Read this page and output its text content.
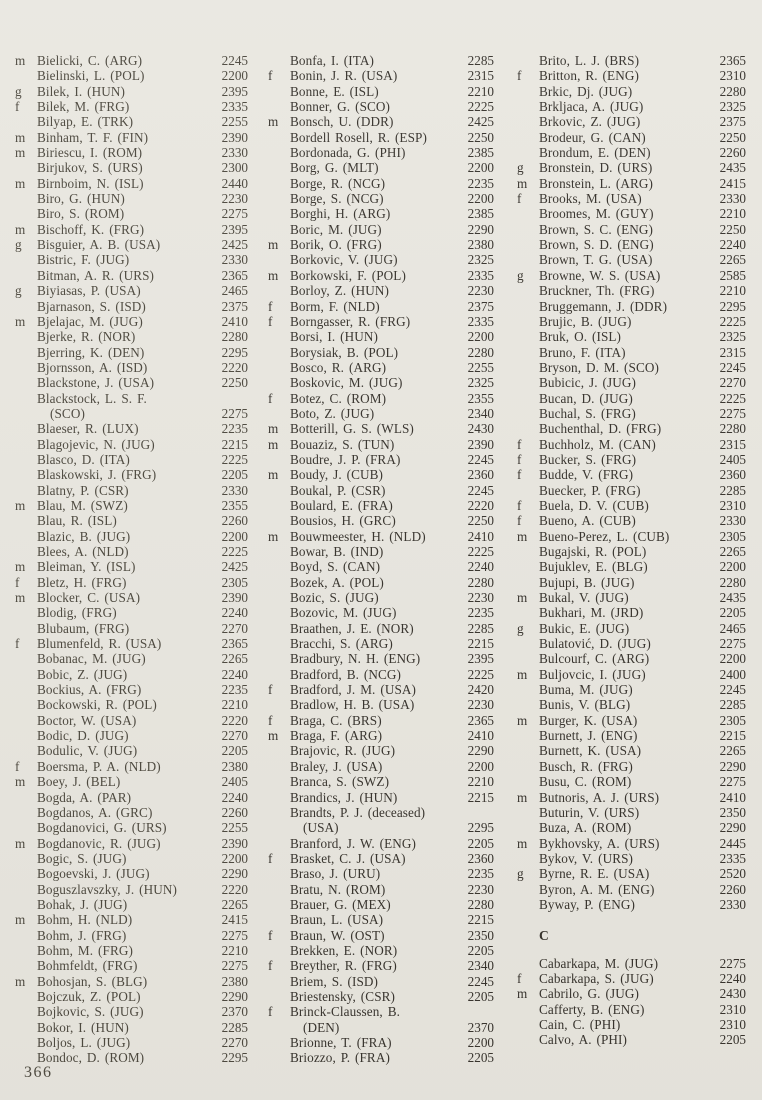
m Bielicki, C. (ARG)	2245
Bielinski, L. (POL)	2200
g	Bilek, I. (HUN)	2395
f	Bilek, M. (FRG)	2335
Bilyap, E. (TRK)	2255
m Binham, T. F. (FIN)	2390
m Biriescu, I. (ROM)	2330
Birjukov, S. (URS)	2300
m Birnboim, N. (ISL)	2440
Biro, G. (HUN)	2230
Biro, S. (ROM)	2275
m Bischoff, K. (FRG)	2395
g	Bisguier, A. B. (USA)	2425
Bistric, F. (JUG)	2330
Bitman, A. R. (URS)	2365
g	Biyiasas, P. (USA)	2465
Bjarnason, S. (ISD)	2375
m Bjelajac, M. (JUG)	2410
Bjerke, R. (NOR)	2280
Bjerring, K. (DEN)	2295
Bjornsson, A. (ISD)	2220
Blackstone, J. (USA)	2250
Blackstock, L. S. F.
(SCO)	2275
Blaeser, R. (LUX)	2235
Blagojevic, N. (JUG)	2215
Blasco, D. (ITA)	2225
Blaskowski, J. (FRG)	2205
Blatny, P. (CSR)	2330
m Blau, M. (SWZ)	2355
Blau, R. (ISL)	2260
Blazic, B. (JUG)	2200
Blees, A. (NLD)	2225
m Bleiman, Y. (ISL)	2425
f	Bletz, H. (FRG)	2305
m Blocker, C. (USA)	2390
Blodig, (FRG)	2240
Blubaum, (FRG)	2270
f	Blumenfeld, R. (USA)	2365
Bobanac, M. (JUG)	2265
Bobic, Z. (JUG)	2240
Bockius, A. (FRG)	2235
Bockowski, R. (POL)	2210
Boctor, W. (USA)	2220
Bodic, D. (JUG)	2270
Bodulic, V. (JUG)	2205
f	Boersma, P. A. (NLD)	2380
m Boey, J. (BEL)	2405
Bogda, A. (PAR)	2240
Bogdanos, A. (GRC)	2260
Bogdanovici, G. (URS)	2255
m Bogdanovic, R. (JUG)	2390
Bogic, S. (JUG)	2200
Bogoevski, J. (JUG)	2290
Boguszlavszky, J. (HUN)	2220
Bohak, J. (JUG)	2265
m Bohm, H. (NLD)	2415
Bohm, J. (FRG)	2275
Bohm, M. (FRG)	2210
Bohmfeldt, (FRG)	2275
m Bohosjan, S. (BLG)	2380
Bojczuk, Z. (POL)	2290
Bojkovic, S. (JUG)	2370
Bokor, I. (HUN)	2285
Boljos, L. (JUG)	2270
Bondoc, D. (ROM)	2295
Bonfa, I. (ITA)	2285
f	Bonin, J. R. (USA)	2315
Bonne, E. (ISL)	2210
Bonner, G. (SCO)	2225
m Bonsch, U. (DDR)	2425
Bordell Rosell, R. (ESP)	2250
Bordonada, G. (PHI)	2385
Borg, G. (MLT)	2200
Borge, R. (NCG)	2235
Borge, S. (NCG)	2200
Borghi, H. (ARG)	2385
Boric, M. (JUG)	2290
m Borik, O. (FRG)	2380
Borkovic, V. (JUG)	2325
m Borkowski, F. (POL)	2335
Borloy, Z. (HUN)	2230
f	Borm, F. (NLD)	2375
f	Borngasser, R. (FRG)	2335
Borsi, I. (HUN)	2200
Borysiak, B. (POL)	2280
Bosco, R. (ARG)	2255
Boskovic, M. (JUG)	2325
f	Botez, C. (ROM)	2355
Boto, Z. (JUG)	2340
m Botterill, G. S. (WLS)	2430
m Bouaziz, S. (TUN)	2390
Boudre, J. P. (FRA)	2245
m Boudy, J. (CUB)	2360
Boukal, P. (CSR)	2245
Boulard, E. (FRA)	2220
Bousios, H. (GRC)	2250
m Bouwmeester, H. (NLD)	2410
Bowar, B. (IND)	2225
Boyd, S. (CAN)	2240
Bozek, A. (POL)	2280
Bozic, S. (JUG)	2230
Bozovic, M. (JUG)	2235
Braathen, J. E. (NOR)	2285
Bracchi, S. (ARG)	2215
Bradbury, N. H. (ENG)	2395
Bradford, B. (NCG)	2225
f	Bradford, J. M. (USA)	2420
Bradlow, H. B. (USA)	2230
f	Braga, C. (BRS)	2365
m Braga, F. (ARG)	2410
Brajovic, R. (JUG)	2290
Braley, J. (USA)	2200
Branca, S. (SWZ)	2210
Brandics, J. (HUN)	2215
Brandts, P. J. (deceased)
(USA)	2295
Branford, J. W. (ENG)	2205
f	Brasket, C. J. (USA)	2360
Braso, J. (URU)	2235
Bratu, N. (ROM)	2230
Brauer, G. (MEX)	2280
Braun, L. (USA)	2215
f	Braun, W. (OST)	2350
Brekken, E. (NOR)	2205
f	Breyther, R. (FRG)	2340
Briem, S. (ISD)	2245
Briestensky, (CSR)	2205
f	Brinck-Claussen, B.
(DEN)	2370
Brionne, T. (FRA)	2200
Briozzo, P. (FRA)	2205
Brito, L. J. (BRS)	2365
f	Britton, R. (ENG)	2310
Brkic, Dj. (JUG)	2280
Brkljaca, A. (JUG)	2325
Brkovic, Z. (JUG)	2375
Brodeur, G. (CAN)	2250
Brondum, E. (DEN)	2260
g	Bronstein, D. (URS)	2435
m Bronstein, L. (ARG)	2415
f	Brooks, M. (USA)	2330
Broomes, M. (GUY)	2210
Brown, S. C. (ENG)	2250
Brown, S. D. (ENG)	2240
Brown, T. G. (USA)	2265
g	Browne, W. S. (USA)	2585
Bruckner, Th. (FRG)	2210
Bruggemann, J. (DDR)	2295
Brujic, B. (JUG)	2225
Bruk, O. (ISL)	2325
Bruno, F. (ITA)	2315
Bryson, D. M. (SCO)	2245
Bubicic, J. (JUG)	2270
Bucan, D. (JUG)	2225
Buchal, S. (FRG)	2275
Buchenthal, D. (FRG)	2280
f	Buchholz, M. (CAN)	2315
f	Bucker, S. (FRG)	2405
f	Budde, V. (FRG)	2360
Buecker, P. (FRG)	2285
f	Buela, D. V. (CUB)	2310
f	Bueno, A. (CUB)	2330
m Bueno-Perez, L. (CUB)	2305
Bugajski, R. (POL)	2265
Bujuklev, E. (BLG)	2200
Bujupi, B. (JUG)	2280
m Bukal, V. (JUG)	2435
Bukhari, M. (JRD)	2205
g	Bukic, E. (JUG)	2465
Bulatović, D. (JUG)	2275
Bulcourf, C. (ARG)	2200
m Buljovcic, I. (JUG)	2400
Buma, M. (JUG)	2245
Bunis, V. (BLG)	2285
m Burger, K. (USA)	2305
Burnett, J. (ENG)	2215
Burnett, K. (USA)	2265
Busch, R. (FRG)	2290
Busu, C. (ROM)	2275
m Butnoris, A. J. (URS)	2410
Buturin, V. (URS)	2350
Buza, A. (ROM)	2290
m Bykhovsky, A. (URS)	2445
Bykov, V. (URS)	2335
g	Byrne, R. E. (USA)	2520
Byron, A. M. (ENG)	2260
Byway, P. (ENG)	2330
C
Cabarkapa, M. (JUG)	2275
f	Cabarkapa, S. (JUG)	2240
m Cabrilo, G. (JUG)	2430
Cafferty, B. (ENG)	2310
Cain, C. (PHI)	2310
Calvo, A. (PHI)	2205
366
